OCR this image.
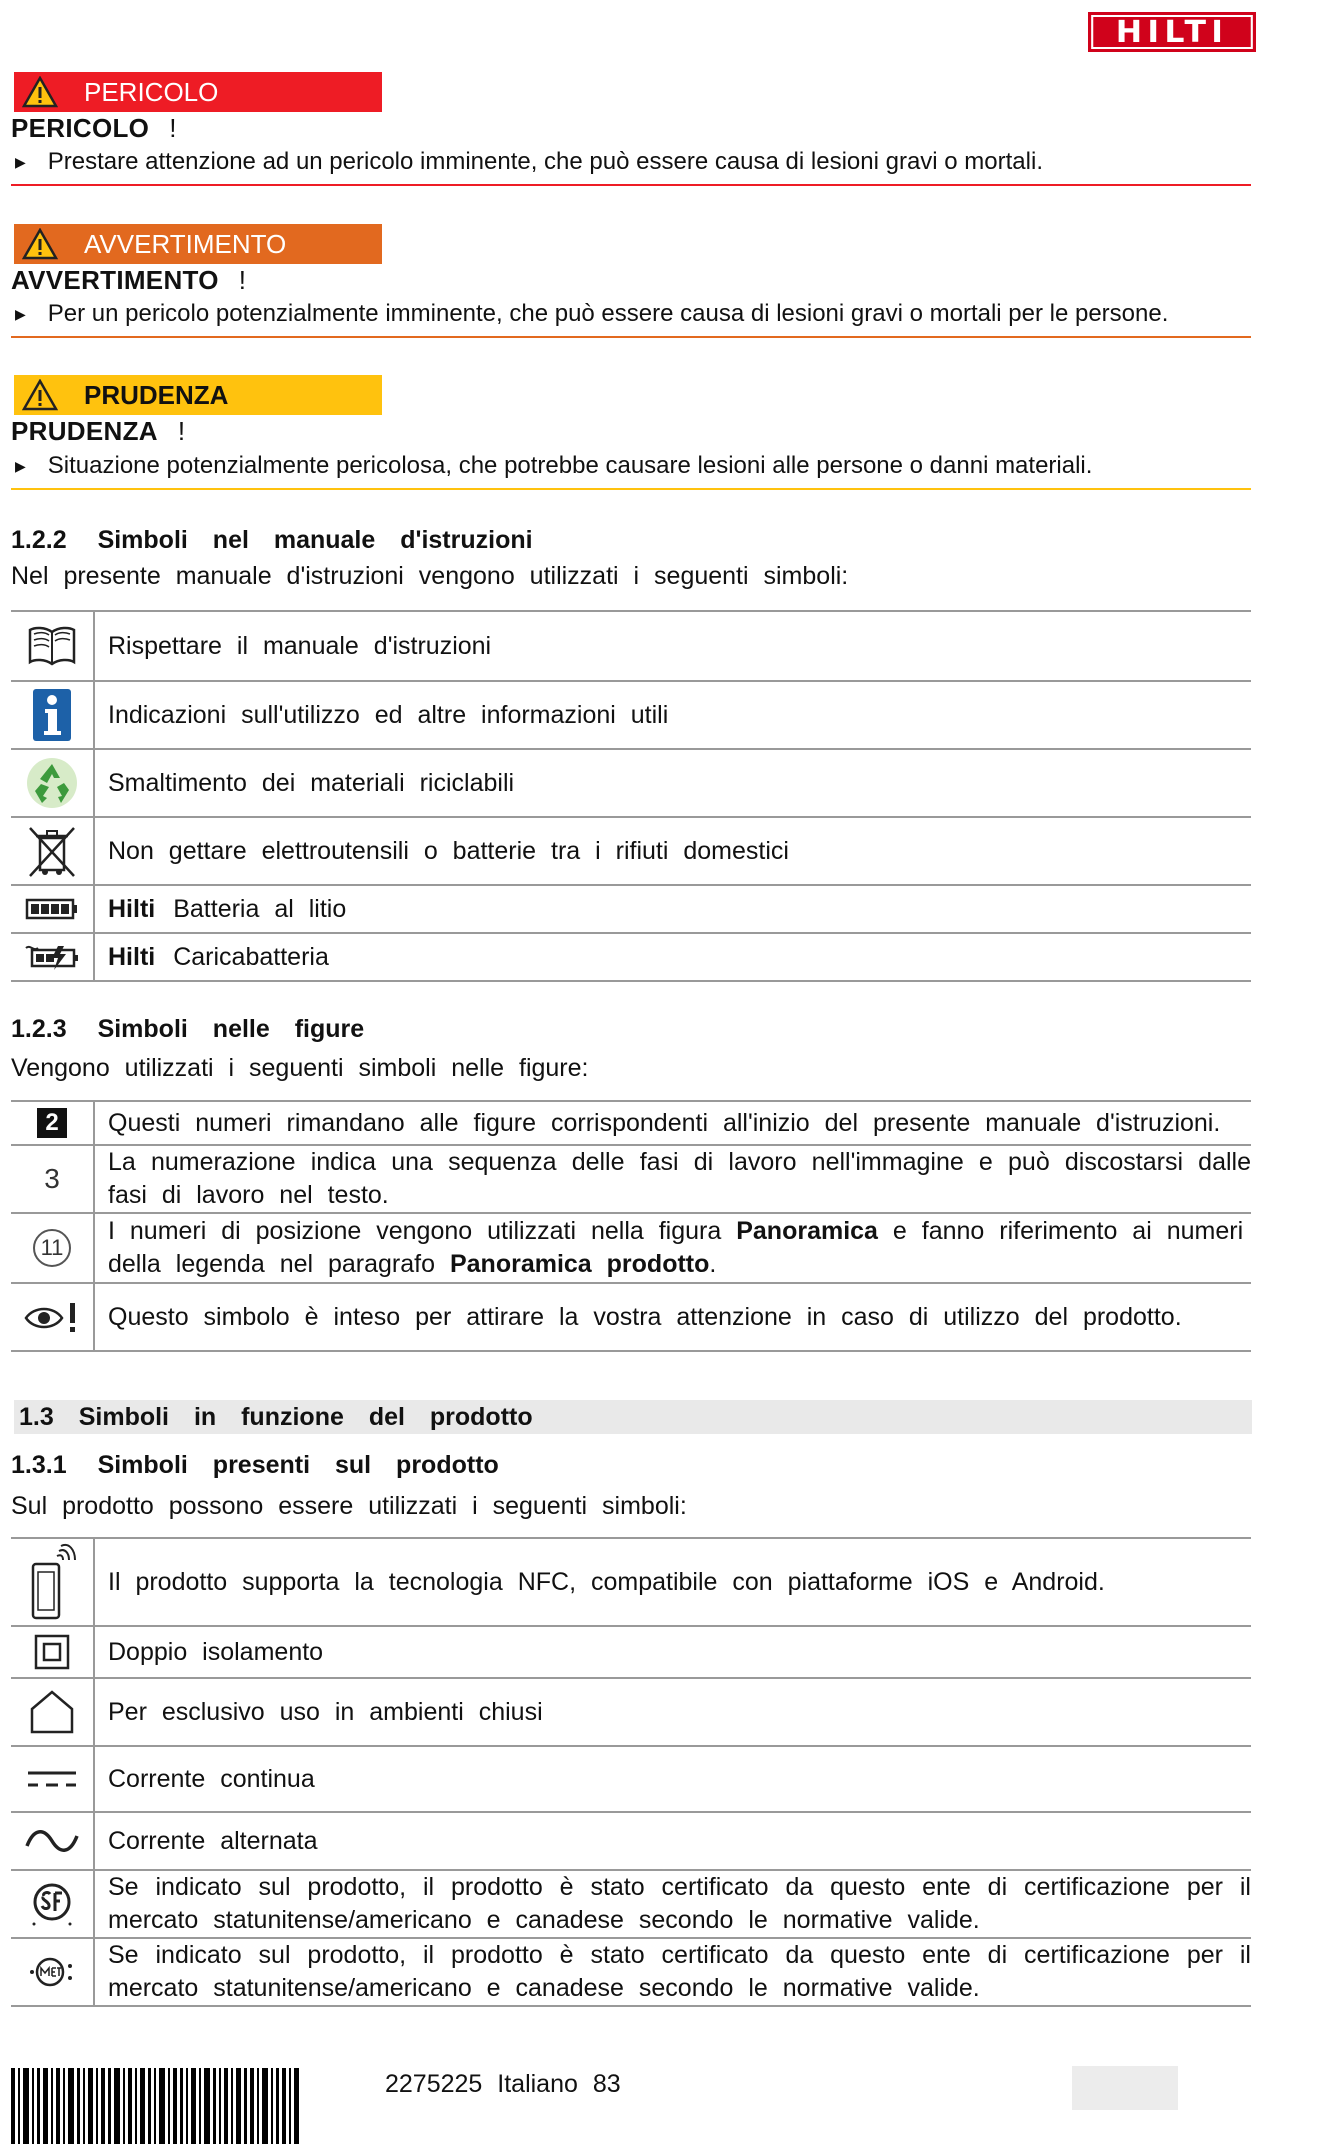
HILTI
PERICOLO
PERICOLO !
▶ Prestare attenzione ad un pericolo imminente, che può essere causa di lesioni gravi o mortali.
AVVERTIMENTO
AVVERTIMENTO !
▶ Per un pericolo potenzialmente imminente, che può essere causa di lesioni gravi o mortali per le persone.
PRUDENZA
PRUDENZA !
▶ Situazione potenzialmente pericolosa, che potrebbe causare lesioni alle persone o danni materiali.
1.2.2 Simboli nel manuale d'istruzioni
Nel presente manuale d'istruzioni vengono utilizzati i seguenti simboli:
	Rispettare il manuale d'istruzioni
	Indicazioni sull'utilizzo ed altre informazioni utili
	Smaltimento dei materiali riciclabili
	Non gettare elettroutensili o batterie tra i rifiuti domestici
	Hilti Batteria al litio
	Hilti Caricabatteria
1.2.3 Simboli nelle figure
Vengono utilizzati i seguenti simboli nelle figure:
2	Questi numeri rimandano alle figure corrispondenti all'inizio del presente manuale d'istruzioni.
3	La numerazione indica una sequenza delle fasi di lavoro nell'immagine e può discostarsi dalle fasi di lavoro nel testo.
11	I numeri di posizione vengono utilizzati nella figura Panoramica e fanno riferimento ai numeri della legenda nel paragrafo Panoramica prodotto.
	Questo simbolo è inteso per attirare la vostra attenzione in caso di utilizzo del prodotto.
1.3
Simboli in funzione del prodotto
1.3.1 Simboli presenti sul prodotto
Sul prodotto possono essere utilizzati i seguenti simboli:
	Il prodotto supporta la tecnologia NFC, compatibile con piattaforme iOS e Android.
	Doppio isolamento
	Per esclusivo uso in ambienti chiusi
	Corrente continua
	Corrente alternata
	Se indicato sul prodotto, il prodotto è stato certificato da questo ente di certificazione per il mercato statunitense/americano e canadese secondo le normative valide.
	Se indicato sul prodotto, il prodotto è stato certificato da questo ente di certificazione per il mercato statunitense/americano e canadese secondo le normative valide.
2275225 Italiano 83
